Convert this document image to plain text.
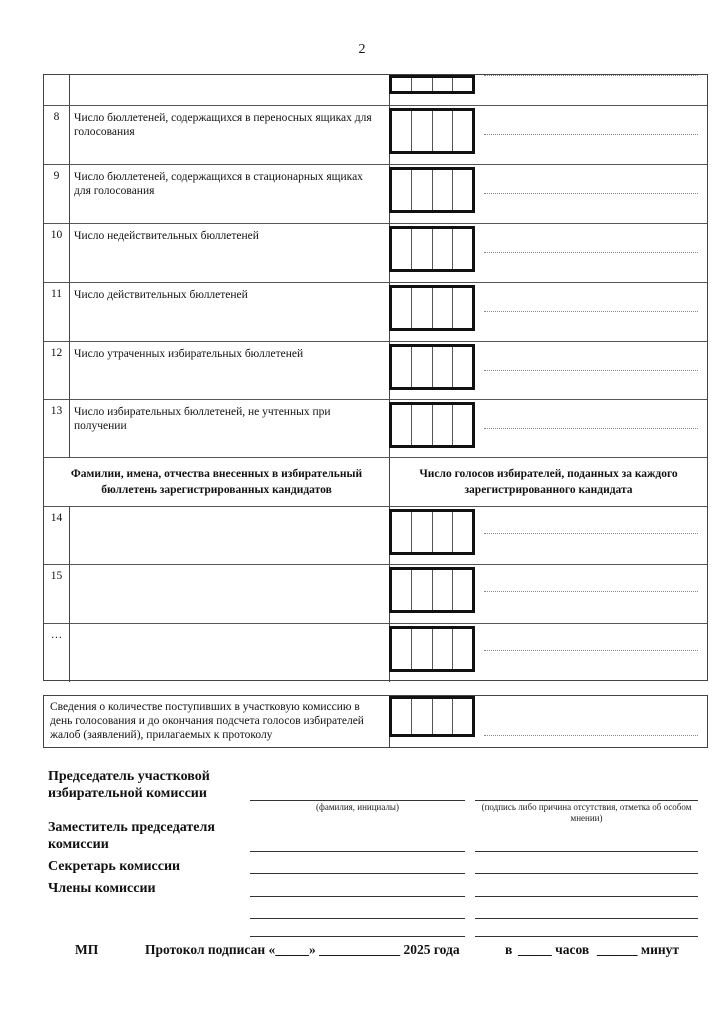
2
8	Число бюллетеней, содержащихся в переносных ящиках для голосования
9	Число бюллетеней, содержащихся в стационарных ящиках для голосования
10	Число недействительных бюллетеней
11	Число действительных бюллетеней
12	Число утраченных избирательных бюллетеней
13	Число избирательных бюллетеней, не учтенных при получении
Фамилии, имена, отчества внесенных в избирательный бюллетень зарегистрированных кандидатов
Число голосов избирателей, поданных за каждого зарегистрированного кандидата
14
15
…
Сведения о количестве поступивших в участковую комиссию в день голосования и до окончания подсчета голосов избирателей жалоб (заявлений), прилагаемых к протоколу
Председатель участковой избирательной комиссии
(фамилия, инициалы)	(подпись либо причина отсутствия, отметка об особом мнении)
Заместитель председателя комиссии
Секретарь комиссии
Члены комиссии
МП	Протокол подписан «_____» ____________ 2025 года	в _____ часов ______ минут
